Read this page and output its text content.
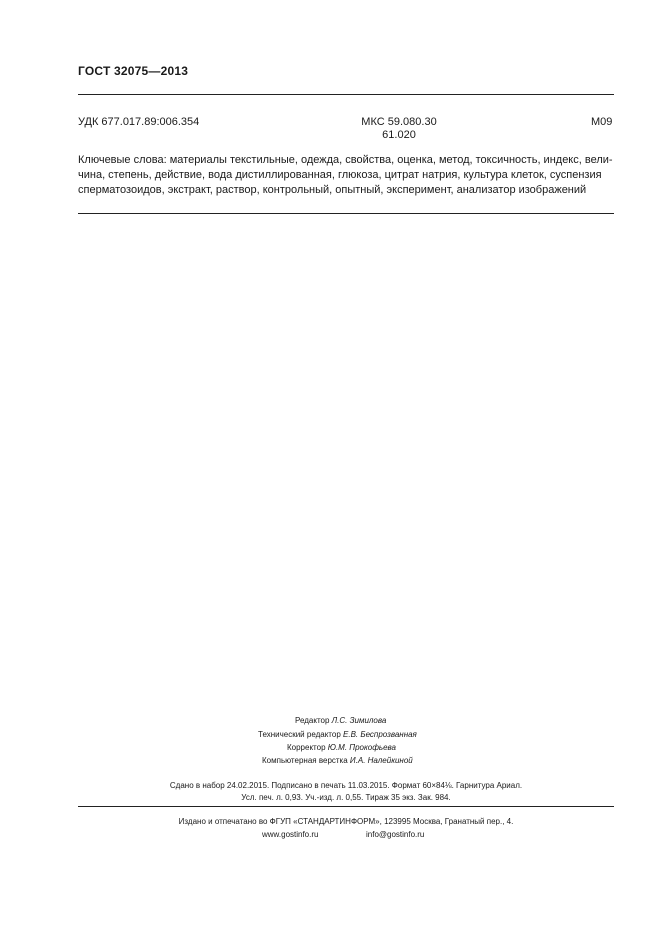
ГОСТ 32075—2013
УДК 677.017.89:006.354	МКС 59.080.30
61.020
M09
Ключевые слова: материалы текстильные, одежда, свойства, оценка, метод, токсичность, индекс, вели-
чина, степень, действие, вода дистиллированная, глюкоза, цитрат натрия, культура клеток, суспензия
сперматозоидов, экстракт, раствор, контрольный, опытный, эксперимент, анализатор изображений
Редактор Л.С. Зимилова
Технический редактор Е.В. Беспрозванная
Корректор Ю.М. Прокофьева
Компьютерная верстка И.А. Налейкиной
Сдано в набор 24.02.2015. Подписано в печать 11.03.2015. Формат 60×84⅛. Гарнитура Ариал.
Усл. печ. л. 0,93. Уч.-изд. л. 0,55. Тираж 35 экз. Зак. 984.
Издано и отпечатано во ФГУП «СТАНДАРТИНФОРМ», 123995 Москва, Гранатный пер., 4.
www.gostinfo.ru	info@gostinfo.ru
